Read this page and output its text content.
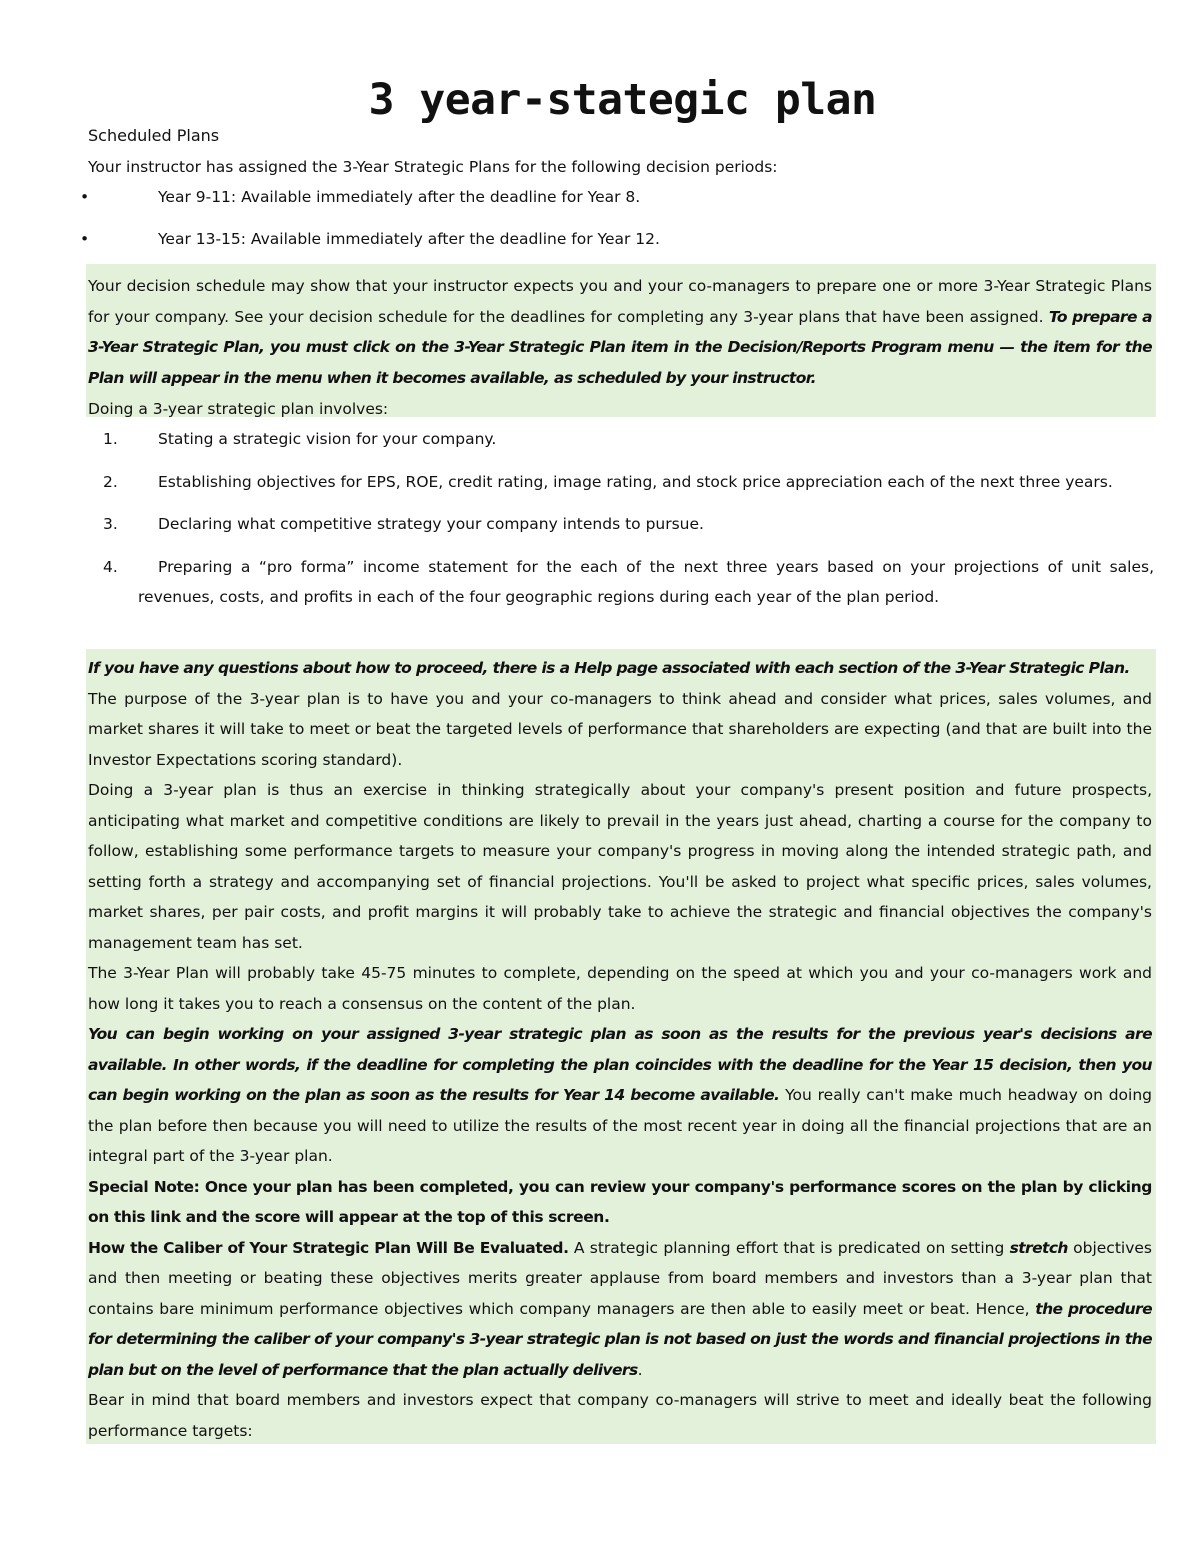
3 year-stategic plan

Scheduled Plans

Your instructor has assigned the 3-Year Strategic Plans for the following decision periods:

•	Year 9-11: Available immediately after the deadline for Year 8.
•	Year 13-15: Available immediately after the deadline for Year 12.

Your decision schedule may show that your instructor expects you and your co-managers to prepare one or more 3-Year Strategic Plans for your company. See your decision schedule for the deadlines for completing any 3-year plans that have been assigned. To prepare a 3-Year Strategic Plan, you must click on the 3-Year Strategic Plan item in the Decision/Reports Program menu — the item for the Plan will appear in the menu when it becomes available, as scheduled by your instructor.

Doing a 3-year strategic plan involves:

1.	Stating a strategic vision for your company.
2.	Establishing objectives for EPS, ROE, credit rating, image rating, and stock price appreciation each of the next three years.
3.	Declaring what competitive strategy your company intends to pursue.
4.	Preparing a “pro forma” income statement for the each of the next three years based on your projections of unit sales, revenues, costs, and profits in each of the four geographic regions during each year of the plan period.

If you have any questions about how to proceed, there is a Help page associated with each section of the 3-Year Strategic Plan.

The purpose of the 3-year plan is to have you and your co-managers to think ahead and consider what prices, sales volumes, and market shares it will take to meet or beat the targeted levels of performance that shareholders are expecting (and that are built into the Investor Expectations scoring standard).

Doing a 3-year plan is thus an exercise in thinking strategically about your company's present position and future prospects, anticipating what market and competitive conditions are likely to prevail in the years just ahead, charting a course for the company to follow, establishing some performance targets to measure your company's progress in moving along the intended strategic path, and setting forth a strategy and accompanying set of financial projections. You'll be asked to project what specific prices, sales volumes, market shares, per pair costs, and profit margins it will probably take to achieve the strategic and financial objectives the company's management team has set.

The 3-Year Plan will probably take 45-75 minutes to complete, depending on the speed at which you and your co-managers work and how long it takes you to reach a consensus on the content of the plan.

You can begin working on your assigned 3-year strategic plan as soon as the results for the previous year's decisions are available. In other words, if the deadline for completing the plan coincides with the deadline for the Year 15 decision, then you can begin working on the plan as soon as the results for Year 14 become available. You really can't make much headway on doing the plan before then because you will need to utilize the results of the most recent year in doing all the financial projections that are an integral part of the 3-year plan.

Special Note: Once your plan has been completed, you can review your company's performance scores on the plan by clicking on this link and the score will appear at the top of this screen.

How the Caliber of Your Strategic Plan Will Be Evaluated. A strategic planning effort that is predicated on setting stretch objectives and then meeting or beating these objectives merits greater applause from board members and investors than a 3-year plan that contains bare minimum performance objectives which company managers are then able to easily meet or beat. Hence, the procedure for determining the caliber of your company's 3-year strategic plan is not based on just the words and financial projections in the plan but on the level of performance that the plan actually delivers.

Bear in mind that board members and investors expect that company co-managers will strive to meet and ideally beat the following performance targets:
